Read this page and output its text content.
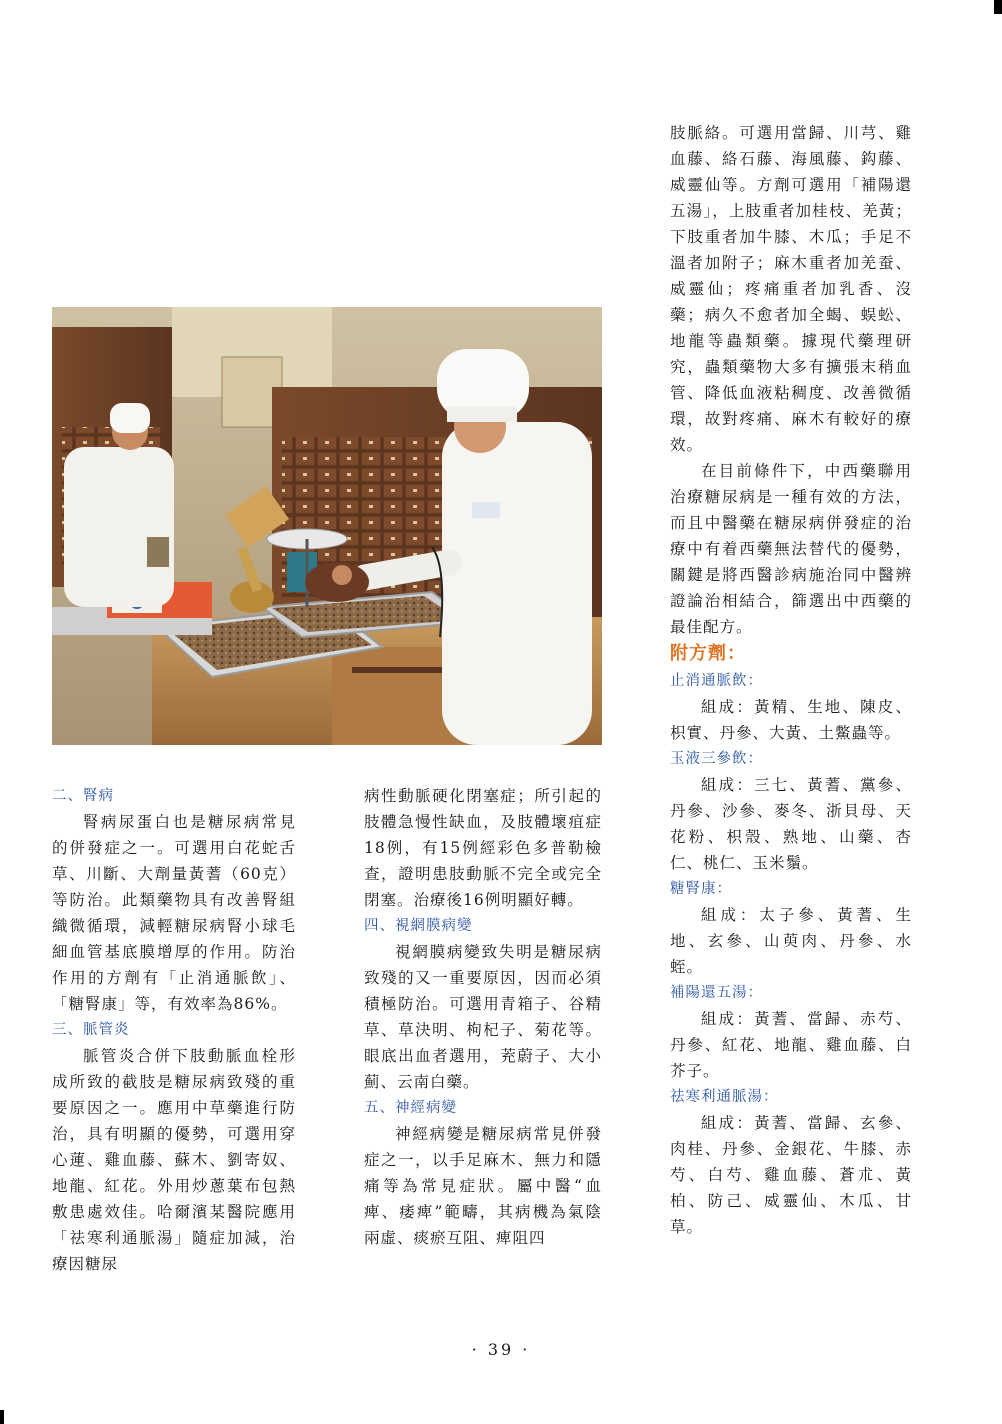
二、腎病

腎病尿蛋白也是糖尿病常見的併發症之一。可選用白花蛇舌草、川斷、大劑量黃蓍（60克）等防治。此類藥物具有改善腎組織微循環，減輕糖尿病腎小球毛細血管基底膜增厚的作用。防治作用的方劑有「止消通脈飲」、「糖腎康」等，有效率為86%。

三、脈管炎

脈管炎合併下肢動脈血栓形成所致的截肢是糖尿病致殘的重要原因之一。應用中草藥進行防治，具有明顯的優勢，可選用穿心蓮、雞血藤、蘇木、劉寄奴、地龍、紅花。外用炒蔥葉布包熱敷患處效佳。哈爾濱某醫院應用「祛寒利通脈湯」隨症加減，治療因糖尿

病性動脈硬化閉塞症；所引起的肢體急慢性缺血，及肢體壞疽症18例，有15例經彩色多普勒檢查，證明患肢動脈不完全或完全閉塞。治療後16例明顯好轉。

四、視網膜病變

視網膜病變致失明是糖尿病致殘的又一重要原因，因而必須積極防治。可選用青箱子、谷精草、草決明、枸杞子、菊花等。眼底出血者選用，茺蔚子、大小薊、云南白藥。

五、神經病變

神經病變是糖尿病常見併發症之一，以手足麻木、無力和隱痛等為常見症狀。屬中醫“血痺、痿痺”範疇，其病機為氣陰兩虛、痰瘀互阻、痺阻四

肢脈絡。可選用當歸、川芎、雞血藤、絡石藤、海風藤、鈎藤、威靈仙等。方劑可選用「補陽還五湯」，上肢重者加桂枝、羌黃；下肢重者加牛膝、木瓜；手足不溫者加附子；麻木重者加羌蚕、威靈仙；疼痛重者加乳香、沒藥；病久不愈者加全蝎、蜈蚣、地龍等蟲類藥。據現代藥理研究，蟲類藥物大多有擴張末稍血管、降低血液粘稠度、改善微循環，故對疼痛、麻木有較好的療效。

在目前條件下，中西藥聯用治療糖尿病是一種有效的方法，而且中醫藥在糖尿病併發症的治療中有着西藥無法替代的優勢，關鍵是將西醫診病施治同中醫辨證論治相結合，篩選出中西藥的最佳配方。

附方劑：

止消通脈飲：

組成：黃精、生地、陳皮、枳實、丹參、大黃、土鱉蟲等。

玉液三參飲：

組成：三七、黃蓍、黨參、丹參、沙參、麥冬、浙貝母、天花粉、枳殼、熟地、山藥、杏仁、桃仁、玉米鬚。

糖腎康：

組成：太子參、黃蓍、生地、玄參、山萸肉、丹參、水蛭。

補陽還五湯：

組成：黃蓍、當歸、赤芍、丹參、紅花、地龍、雞血藤、白芥子。

祛寒利通脈湯：

組成：黃蓍、當歸、玄參、肉桂、丹參、金銀花、牛膝、赤芍、白芍、雞血藤、蒼朮、黃柏、防己、威靈仙、木瓜、甘草。

· 39 ·
